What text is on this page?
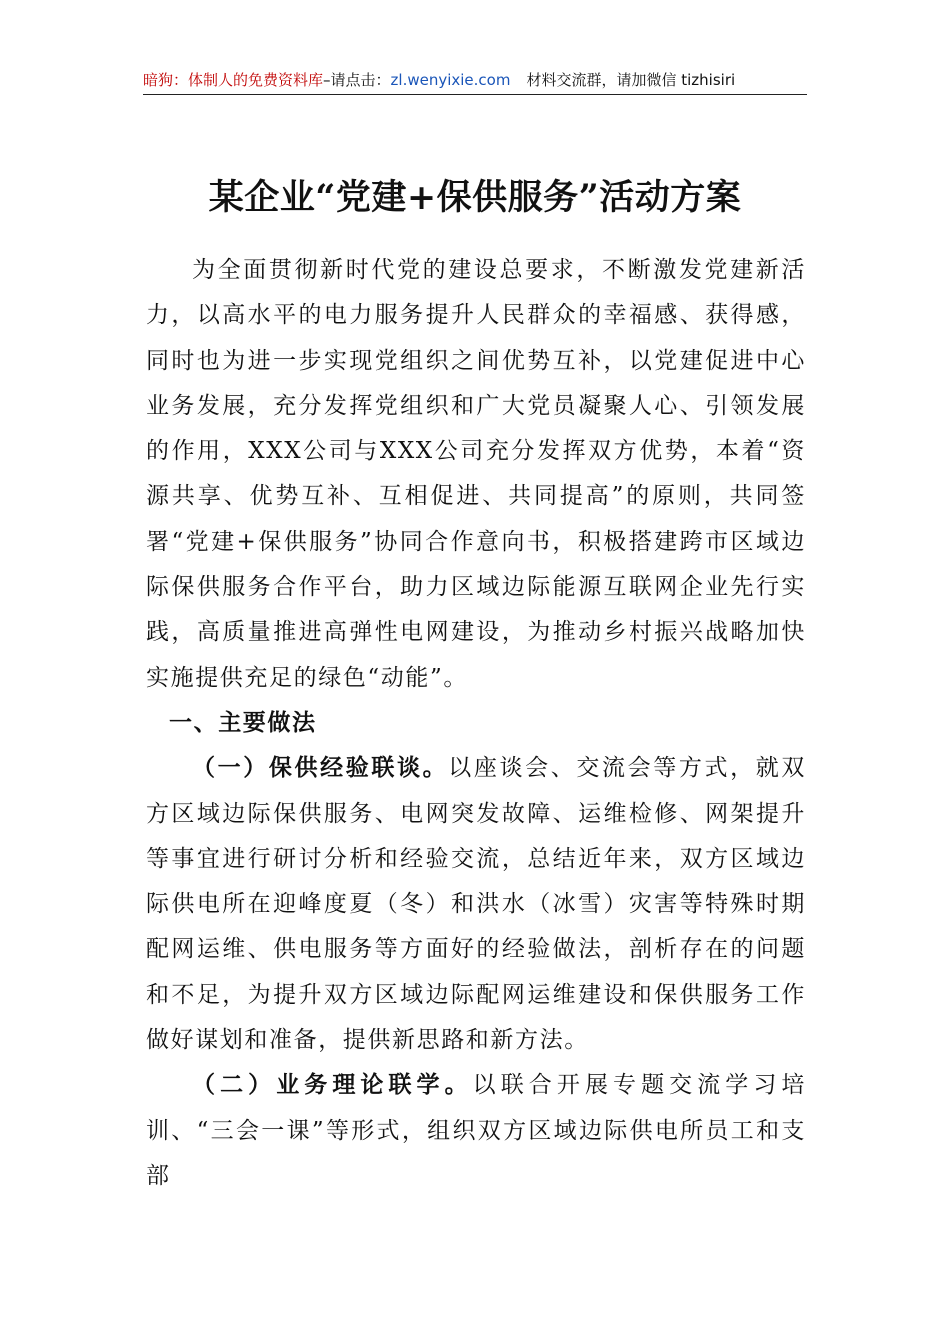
暗狗：体制人的免费资料库–请点击：zl.wenyixie.com 材料交流群，请加微信 tizhisiri
某企业“党建+保供服务”活动方案

为全面贯彻新时代党的建设总要求，不断激发党建新活力，以高水平的电力服务提升人民群众的幸福感、获得感，同时也为进一步实现党组织之间优势互补，以党建促进中心业务发展，充分发挥党组织和广大党员凝聚人心、引领发展的作用，XXX公司与XXX公司充分发挥双方优势，本着“资源共享、优势互补、互相促进、共同提高”的原则，共同签署“党建+保供服务”协同合作意向书，积极搭建跨市区域边际保供服务合作平台，助力区域边际能源互联网企业先行实践，高质量推进高弹性电网建设，为推动乡村振兴战略加快实施提供充足的绿色“动能”。

一、主要做法

（一）保供经验联谈。以座谈会、交流会等方式，就双方区域边际保供服务、电网突发故障、运维检修、网架提升等事宜进行研讨分析和经验交流，总结近年来，双方区域边际供电所在迎峰度夏（冬）和洪水（冰雪）灾害等特殊时期配网运维、供电服务等方面好的经验做法，剖析存在的问题和不足，为提升双方区域边际配网运维建设和保供服务工作做好谋划和准备，提供新思路和新方法。

（二）业务理论联学。以联合开展专题交流学习培训、“三会一课”等形式，组织双方区域边际供电所员工和支部
